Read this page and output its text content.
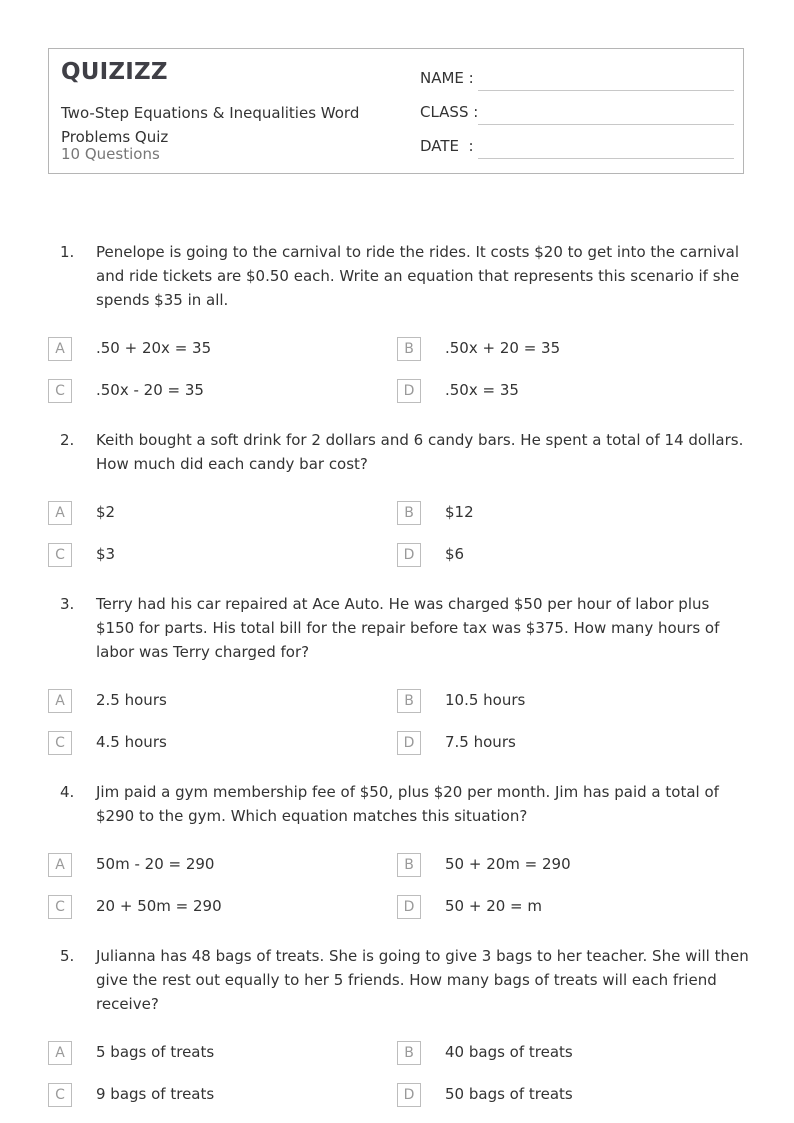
QUIZIZZ
Two-Step Equations & Inequalities Word Problems Quiz
10 Questions
NAME :
CLASS :
DATE  :
1. Penelope is going to the carnival to ride the rides. It costs $20 to get into the carnival and ride tickets are $0.50 each. Write an equation that represents this scenario if she spends $35 in all.
A	.50 + 20x = 35	B	.50x + 20 = 35
C	.50x - 20 = 35	D	.50x = 35
2. Keith bought a soft drink for 2 dollars and 6 candy bars. He spent a total of 14 dollars. How much did each candy bar cost?
A	$2	B	$12
C	$3	D	$6
3. Terry had his car repaired at Ace Auto. He was charged $50 per hour of labor plus $150 for parts. His total bill for the repair before tax was $375. How many hours of labor was Terry charged for?
A	2.5 hours	B	10.5 hours
C	4.5 hours	D	7.5 hours
4. Jim paid a gym membership fee of $50, plus $20 per month. Jim has paid a total of $290 to the gym. Which equation matches this situation?
A	50m - 20 = 290	B	50 + 20m = 290
C	20 + 50m = 290	D	50 + 20 = m
5. Julianna has 48 bags of treats. She is going to give 3 bags to her teacher. She will then give the rest out equally to her 5 friends. How many bags of treats will each friend receive?
A	5 bags of treats	B	40 bags of treats
C	9 bags of treats	D	50 bags of treats
